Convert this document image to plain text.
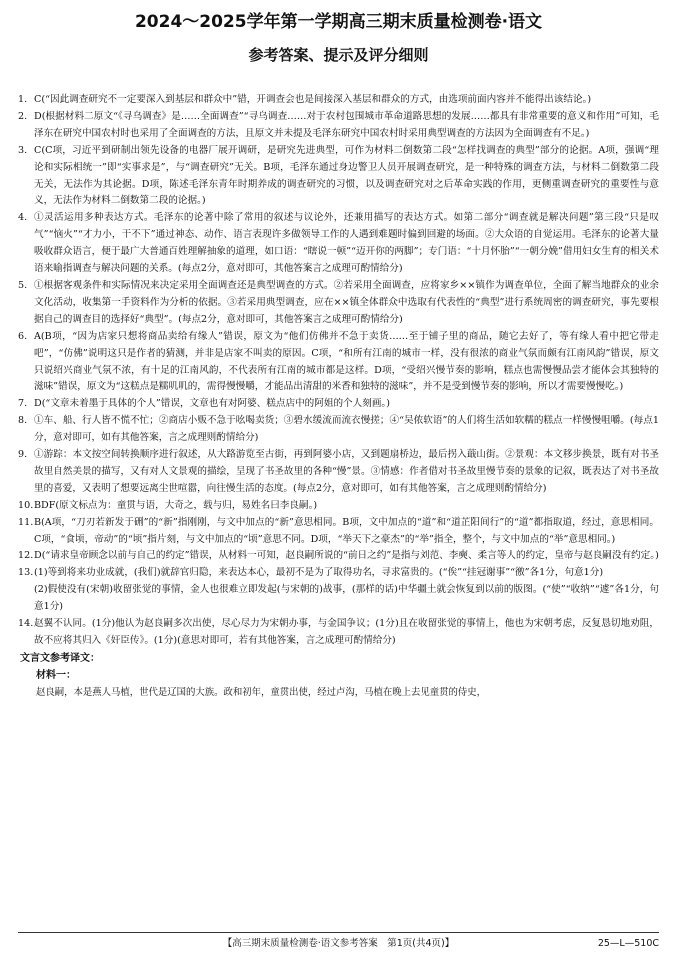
2024～2025学年第一学期高三期末质量检测卷·语文
参考答案、提示及评分细则
1. C(“因此调查研究不一定要深入到基层和群众中”错，开调查会也是间接深入基层和群众的方式，由选项前面内容并不能得出该结论。)
2. D(根据材料二原文“《寻乌调查》是……全面调查”“寻乌调查……对于农村包围城市革命道路思想的发展……都具有非常重要的意义和作用”可知，毛泽东在研究中国农村时也采用了全面调查的方法，且原文并未提及毛泽东研究中国农村时采用典型调查的方法因为全面调查有不足。)
3. C(C项，习近平到研制出领先设备的电器厂展开调研，是研究先进典型，可作为材料二倒数第二段“怎样找调查的典型”部分的论据。A项，强调“理论和实际相统一”即“实事求是”，与“调查研究”无关。B项，毛泽东通过身边警卫人员开展调查研究，是一种特殊的调查方法，与材料二倒数第二段无关，无法作为其论据。D项，陈述毛泽东青年时期养成的调查研究的习惯，以及调查研究对之后革命实践的作用，更侧重调查研究的重要性与意义，无法作为材料二倒数第二段的论据。)
4. ①灵活运用多种表达方式。毛泽东的论著中除了常用的叙述与议论外，还兼用描写的表达方式。如第二部分“调查就是解决问题”第三段“只是叹气”“恼火”“才力小，干不下”通过神态、动作、语言表现许多做领导工作的人遇到难题时偏到回避的场面。②大众语的自觉运用。毛泽东的论著大量吸收群众语言，便于最广大普通百姓理解抽象的道理，如口语：“瞎说一顿”“迈开你的两脚”；专门语：“十月怀胎”“一朝分娩”借用妇女生育的相关术语来喻指调查与解决问题的关系。(每点2分，意对即可，其他答案言之成理可酌情给分)
5. ①根据客观条件和实际情况来决定采用全面调查还是典型调查的方式。②若采用全面调查，应将家乡××镇作为调查单位，全面了解当地群众的业余文化活动，收集第一手资料作为分析的依据。③若采用典型调查，应在××镇全体群众中选取有代表性的“典型”进行系统周密的调查研究，事先要根据自己的调查目的选择好“典型”。(每点2分，意对即可，其他答案言之成理可酌情给分)
6. A(B项，“因为店家只想将商品卖给有缘人”错误，原文为“他们仿佛并不急于卖货……至于铺子里的商品，随它去好了，等有缘人看中把它带走吧”，“仿佛”说明这只是作者的猜测，并非是店家不叫卖的原因。C项，“和所有江南的城市一样，没有很浓的商业气氛而颇有江南风韵”错误，原文只说绍兴商业气氛不浓，有十足的江南风韵，不代表所有江南的城市都是这样。D项，“受绍兴慢节奏的影响，糕点也需慢慢品尝才能体会其独特的滋味”错误，原文为“这糕点是糯叽叽的，需得慢慢嚼，才能品出清甜的米香和独特的滋味”，并不是受到慢节奏的影响，所以才需要慢慢吃。)
7. D(“文章未着墨于具体的个人”错误，文章也有对阿婆、糕点店中的阿姐的个人刻画。)
8. ①车、船、行人皆不慌不忙；②商店小贩不急于吆喝卖货；③碧水缓流而流衣慢搓；④“吴侬软语”的人们将生活如软糯的糕点一样慢慢咀嚼。(每点1分，意对即可，如有其他答案，言之成理则酌情给分)
9. ①游踪：本文按空间转换顺序进行叙述，从大路游览至古街，再到阿婆小店，又到题扇桥边，最后拐入蕺山街。②景观：本文移步换景，既有对书圣故里自然美景的描写，又有对人文景观的描绘，呈现了书圣故里的各种“慢”景。③情感：作者借对书圣故里慢节奏的景象的记叙，既表达了对书圣故里的喜爱，又表明了想要远离尘世喧嚣，向往慢生活的态度。(每点2分，意对即可，如有其他答案，言之成理则酌情给分)
10. BDF(原文标点为：童贯与语，大奇之，载与归，易姓名曰李良嗣。)
11. B(A项，“刀刃若新发于硎”的“新”指刚刚，与文中加点的“新”意思相同。B项，文中加点的“道”和“道芷阳间行”的“道”都指取道，经过，意思相同。C项，“食顷，帝动”的“顷”指片刻，与文中加点的“顷”意思不同。D项，“举天下之豪杰”的“举”指全，整个，与文中加点的“举”意思相同。)
12. D(“请求皇帝顾念以前与自己的约定”错误，从材料一可知，赵良嗣所说的“前日之约”是指与刘范、李奭、柔言等人的约定，皇帝与赵良嗣没有约定。)
13. (1)等到将来功业成就，(我们)就辞官归隐，来表达本心，最初不是为了取得功名，寻求富贵的。(“俟”“挂冠谢事”“徼”各1分，句意1分)
(2)假使没有(宋朝)收留张觉的事情，金人也很难立即发起(与宋朝的)战事，(那样的话)中华疆土就会恢复到以前的版图。(“使”“收纳”“遽”各1分，句意1分)
14. 赵翼不认同。(1分)他认为赵良嗣多次出使，尽心尽力为宋朝办事，与金国争议；(1分)且在收留张觉的事情上，他也为宋朝考虑，反复恳切地劝阻，故不应将其归入《奸臣传》。(1分)(意思对即可，若有其他答案，言之成理可酌情给分)
文言文参考译文：
材料一：
赵良嗣，本是燕人马植，世代是辽国的大族。政和初年，童贯出使，经过卢沟，马植在晚上去见童贯的侍史，
【高三期末质量检测卷·语文参考答案　第1页(共4页)】	25—L—510C
